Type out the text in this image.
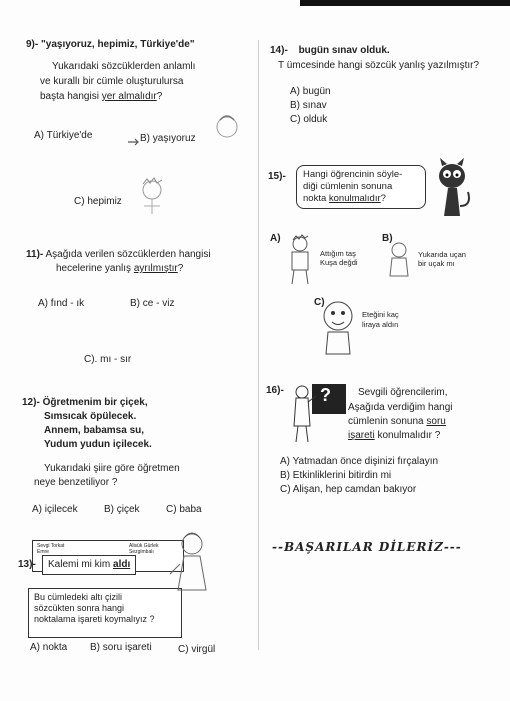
9)- "yaşıyoruz, hepimiz, Türkiye'de"
Yukarıdaki sözcüklerden anlamlı
ve kurallı bir cümle oluşturulursa
başta hangisi yer almalıdır?
A) Türkiye'de	B) yaşıyoruz
C) hepimiz
11)- Aşağıda verilen sözcüklerden hangisi
hecelerine yanlış ayrılmıştır?
A) fınd - ık	B) ce - viz
C). mı - sır
12)- Öğretmenim bir çiçek,
Sımsıcak öpülecek.
Annem, babamsa su,
Yudum yudun içilecek.
Yukarıdaki şiire göre öğretmen
neye benzetiliyor ?
A) içilecek	B) çiçek	C) baba
Sevgi Torkat
Emre
Alisük Gürlek
Sezgimbalı
13)-	Kalemi mi kim aldı
Bu cümledeki altı çizili
sözcükten sonra hangi
noktalama işareti koymalıyız ?
A) nokta B) soru işareti	C) virgül
14)- bugün sınav olduk.
T ümcesinde hangi sözcük yanlış yazılmıştır?
A) bugün
B) sınav
C) olduk
15)- Hangi öğrencinin söyle-
diği cümlenin sonuna
nokta konulmalıdır?
A)
Attığım taş
Kuşa değdi
B)
Yukarıda uçan
bir uçak mı
C)
Eteğini kaç
liraya aldın
16)- ?	Sevgili öğrencilerim,
Aşağıda verdiğim hangi
cümlenin sonuna soru
işareti konulmalıdır ?
A) Yatmadan önce dişinizi fırçalayın
B) Etkinliklerini bitirdin mi
C) Alişan, hep camdan bakıyor
--BAŞARILAR DİLERİZ---
